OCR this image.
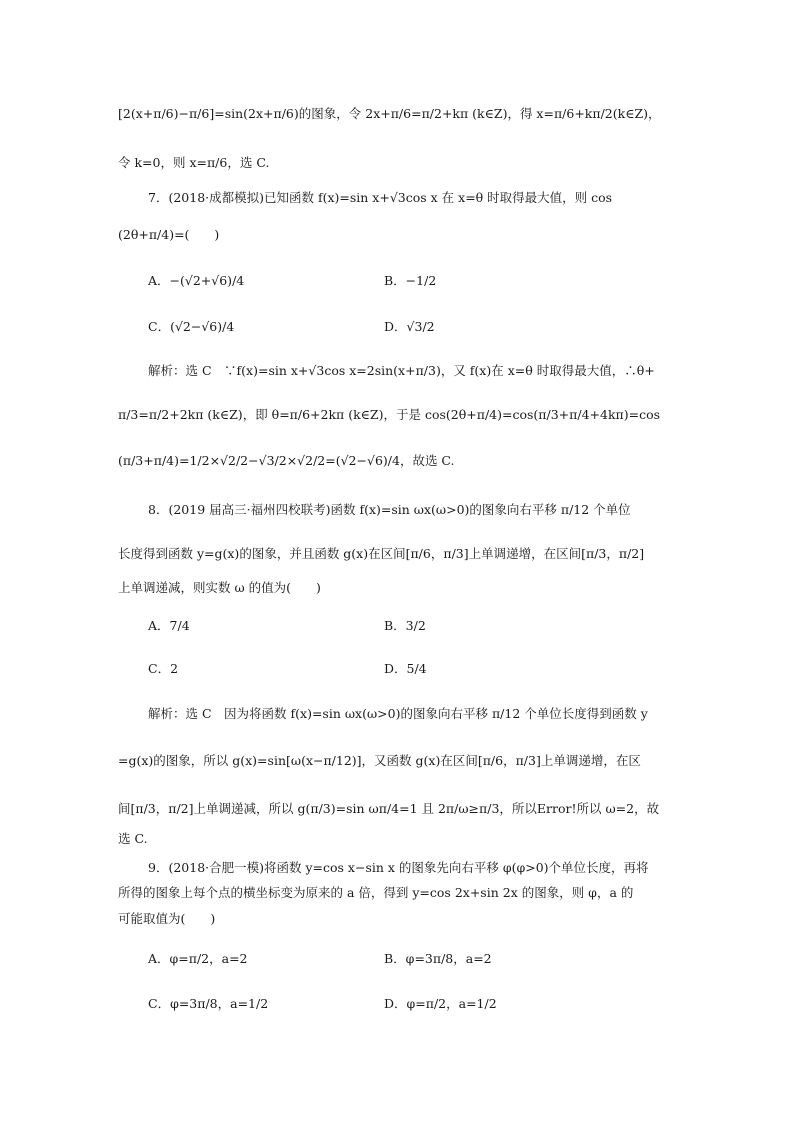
[2(x+π/6)−π/6]=sin(2x+π/6)的图象，令 2x+π/6=π/2+kπ (k∈Z)，得 x=π/6+kπ/2(k∈Z)，
令 k=0，则 x=π/6，选 C.
7．(2018·成都模拟)已知函数 f(x)=sin x+√3cos x 在 x=θ 时取得最大值，则 cos
(2θ+π/4)=(　　)
A．−(√2+√6)/4	B．−1/2
C．(√2−√6)/4	D．√3/2
解析：选 C　∵f(x)=sin x+√3cos x=2sin(x+π/3)，又 f(x)在 x=θ 时取得最大值，∴θ+
π/3=π/2+2kπ (k∈Z)，即 θ=π/6+2kπ (k∈Z)，于是 cos(2θ+π/4)=cos(π/3+π/4+4kπ)=cos
(π/3+π/4)=1/2×√2/2−√3/2×√2/2=(√2−√6)/4，故选 C.
8．(2019 届高三·福州四校联考)函数 f(x)=sin ωx(ω>0)的图象向右平移 π/12 个单位
长度得到函数 y=g(x)的图象，并且函数 g(x)在区间[π/6，π/3]上单调递增，在区间[π/3，π/2]
上单调递减，则实数 ω 的值为(　　)
A．7/4	B．3/2
C．2	D．5/4
解析：选 C　因为将函数 f(x)=sin ωx(ω>0)的图象向右平移 π/12 个单位长度得到函数 y
=g(x)的图象，所以 g(x)=sin[ω(x−π/12)]，又函数 g(x)在区间[π/6，π/3]上单调递增，在区
间[π/3，π/2]上单调递减，所以 g(π/3)=sin ωπ/4=1 且 2π/ω≥π/3，所以Error!所以 ω=2，故
选 C.
9．(2018·合肥一模)将函数 y=cos x−sin x 的图象先向右平移 φ(φ>0)个单位长度，再将
所得的图象上每个点的横坐标变为原来的 a 倍，得到 y=cos 2x+sin 2x 的图象，则 φ，a 的
可能取值为(　　)
A．φ=π/2，a=2	B．φ=3π/8，a=2
C．φ=3π/8，a=1/2	D．φ=π/2，a=1/2
